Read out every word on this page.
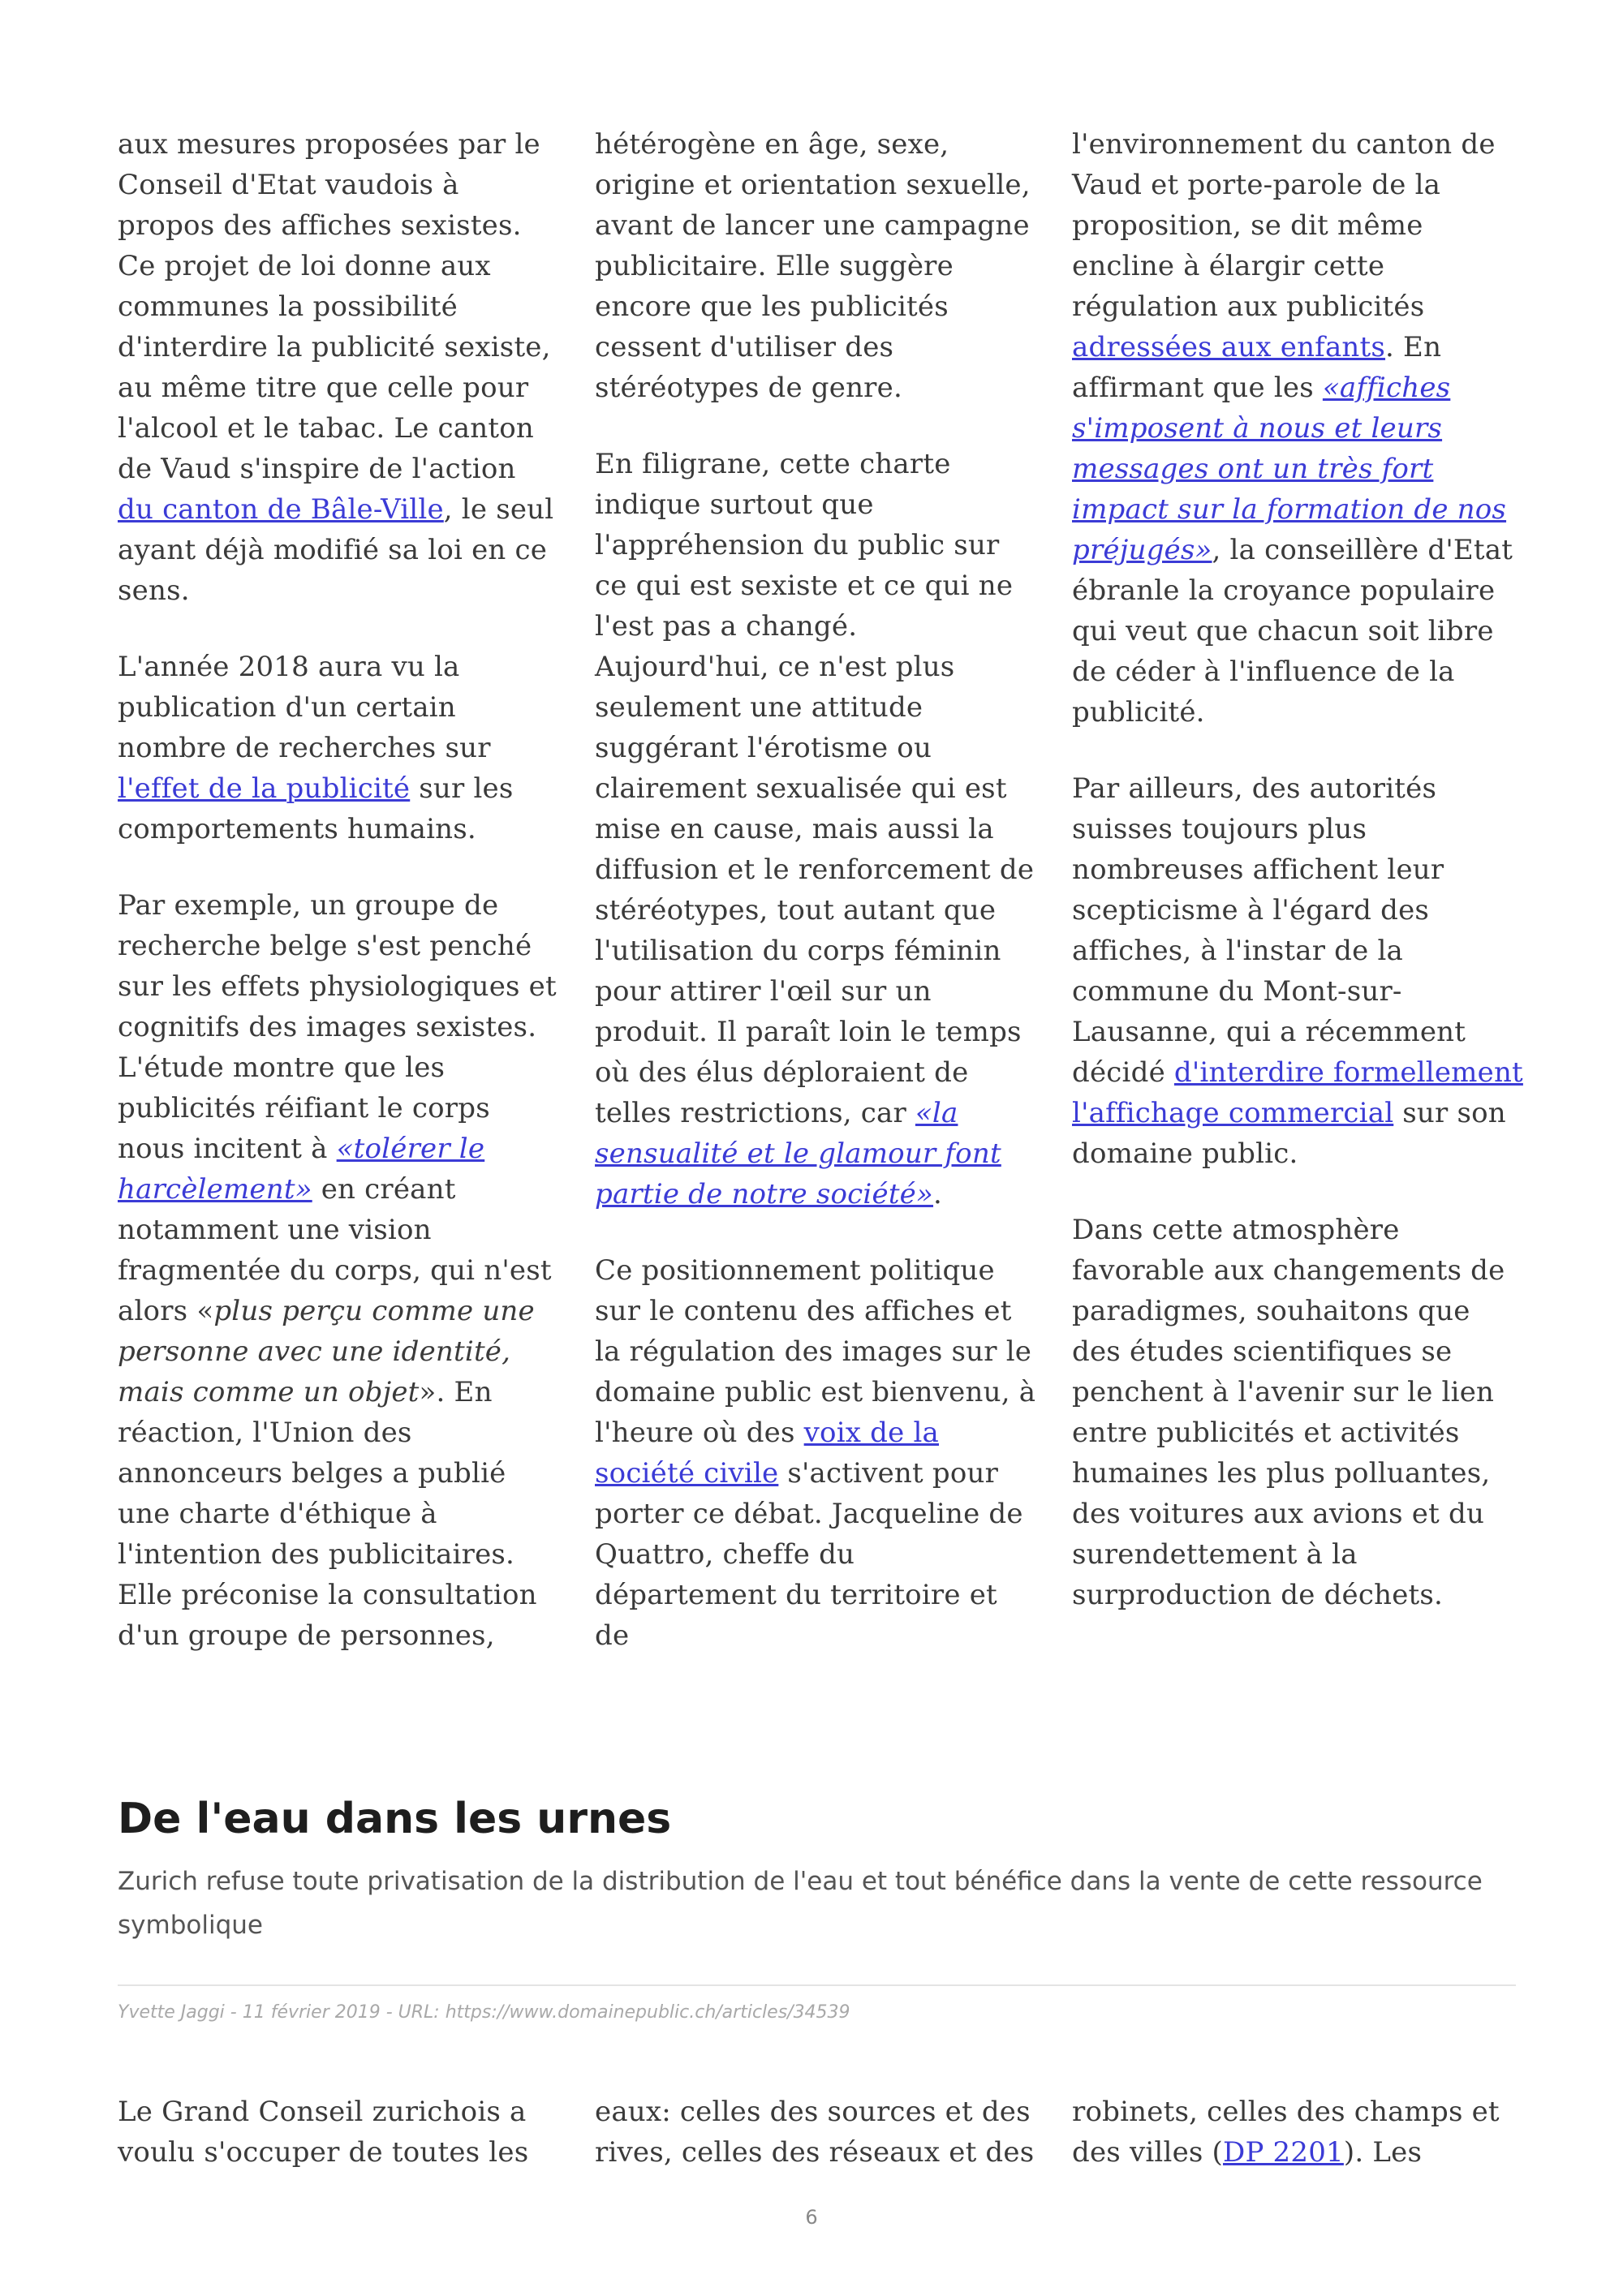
aux mesures proposées par le Conseil d'Etat vaudois à propos des affiches sexistes. Ce projet de loi donne aux communes la possibilité d'interdire la publicité sexiste, au même titre que celle pour l'alcool et le tabac. Le canton de Vaud s'inspire de l'action du canton de Bâle-Ville, le seul ayant déjà modifié sa loi en ce sens.

L'année 2018 aura vu la publication d'un certain nombre de recherches sur l'effet de la publicité sur les comportements humains.

Par exemple, un groupe de recherche belge s'est penché sur les effets physiologiques et cognitifs des images sexistes. L'étude montre que les publicités réifiant le corps nous incitent à «tolérer le harcèlement» en créant notamment une vision fragmentée du corps, qui n'est alors «plus perçu comme une personne avec une identité, mais comme un objet». En réaction, l'Union des annonceurs belges a publié une charte d'éthique à l'intention des publicitaires. Elle préconise la consultation d'un groupe de personnes,

hétérogène en âge, sexe, origine et orientation sexuelle, avant de lancer une campagne publicitaire. Elle suggère encore que les publicités cessent d'utiliser des stéréotypes de genre.

En filigrane, cette charte indique surtout que l'appréhension du public sur ce qui est sexiste et ce qui ne l'est pas a changé. Aujourd'hui, ce n'est plus seulement une attitude suggérant l'érotisme ou clairement sexualisée qui est mise en cause, mais aussi la diffusion et le renforcement de stéréotypes, tout autant que l'utilisation du corps féminin pour attirer l'œil sur un produit. Il paraît loin le temps où des élus déploraient de telles restrictions, car «la sensualité et le glamour font partie de notre société».

Ce positionnement politique sur le contenu des affiches et la régulation des images sur le domaine public est bienvenu, à l'heure où des voix de la société civile s'activent pour porter ce débat. Jacqueline de Quattro, cheffe du département du territoire et de

l'environnement du canton de Vaud et porte-parole de la proposition, se dit même encline à élargir cette régulation aux publicités adressées aux enfants. En affirmant que les «affiches s'imposent à nous et leurs messages ont un très fort impact sur la formation de nos préjugés», la conseillère d'Etat ébranle la croyance populaire qui veut que chacun soit libre de céder à l'influence de la publicité.

Par ailleurs, des autorités suisses toujours plus nombreuses affichent leur scepticisme à l'égard des affiches, à l'instar de la commune du Mont-sur-Lausanne, qui a récemment décidé d'interdire formellement l'affichage commercial sur son domaine public.

Dans cette atmosphère favorable aux changements de paradigmes, souhaitons que des études scientifiques se penchent à l'avenir sur le lien entre publicités et activités humaines les plus polluantes, des voitures aux avions et du surendettement à la surproduction de déchets.

De l'eau dans les urnes
Zurich refuse toute privatisation de la distribution de l'eau et tout bénéfice dans la vente de cette ressource symbolique
Yvette Jaggi - 11 février 2019 - URL: https://www.domainepublic.ch/articles/34539

Le Grand Conseil zurichois a voulu s'occuper de toutes les

eaux: celles des sources et des rives, celles des réseaux et des

robinets, celles des champs et des villes (DP 2201). Les

6
